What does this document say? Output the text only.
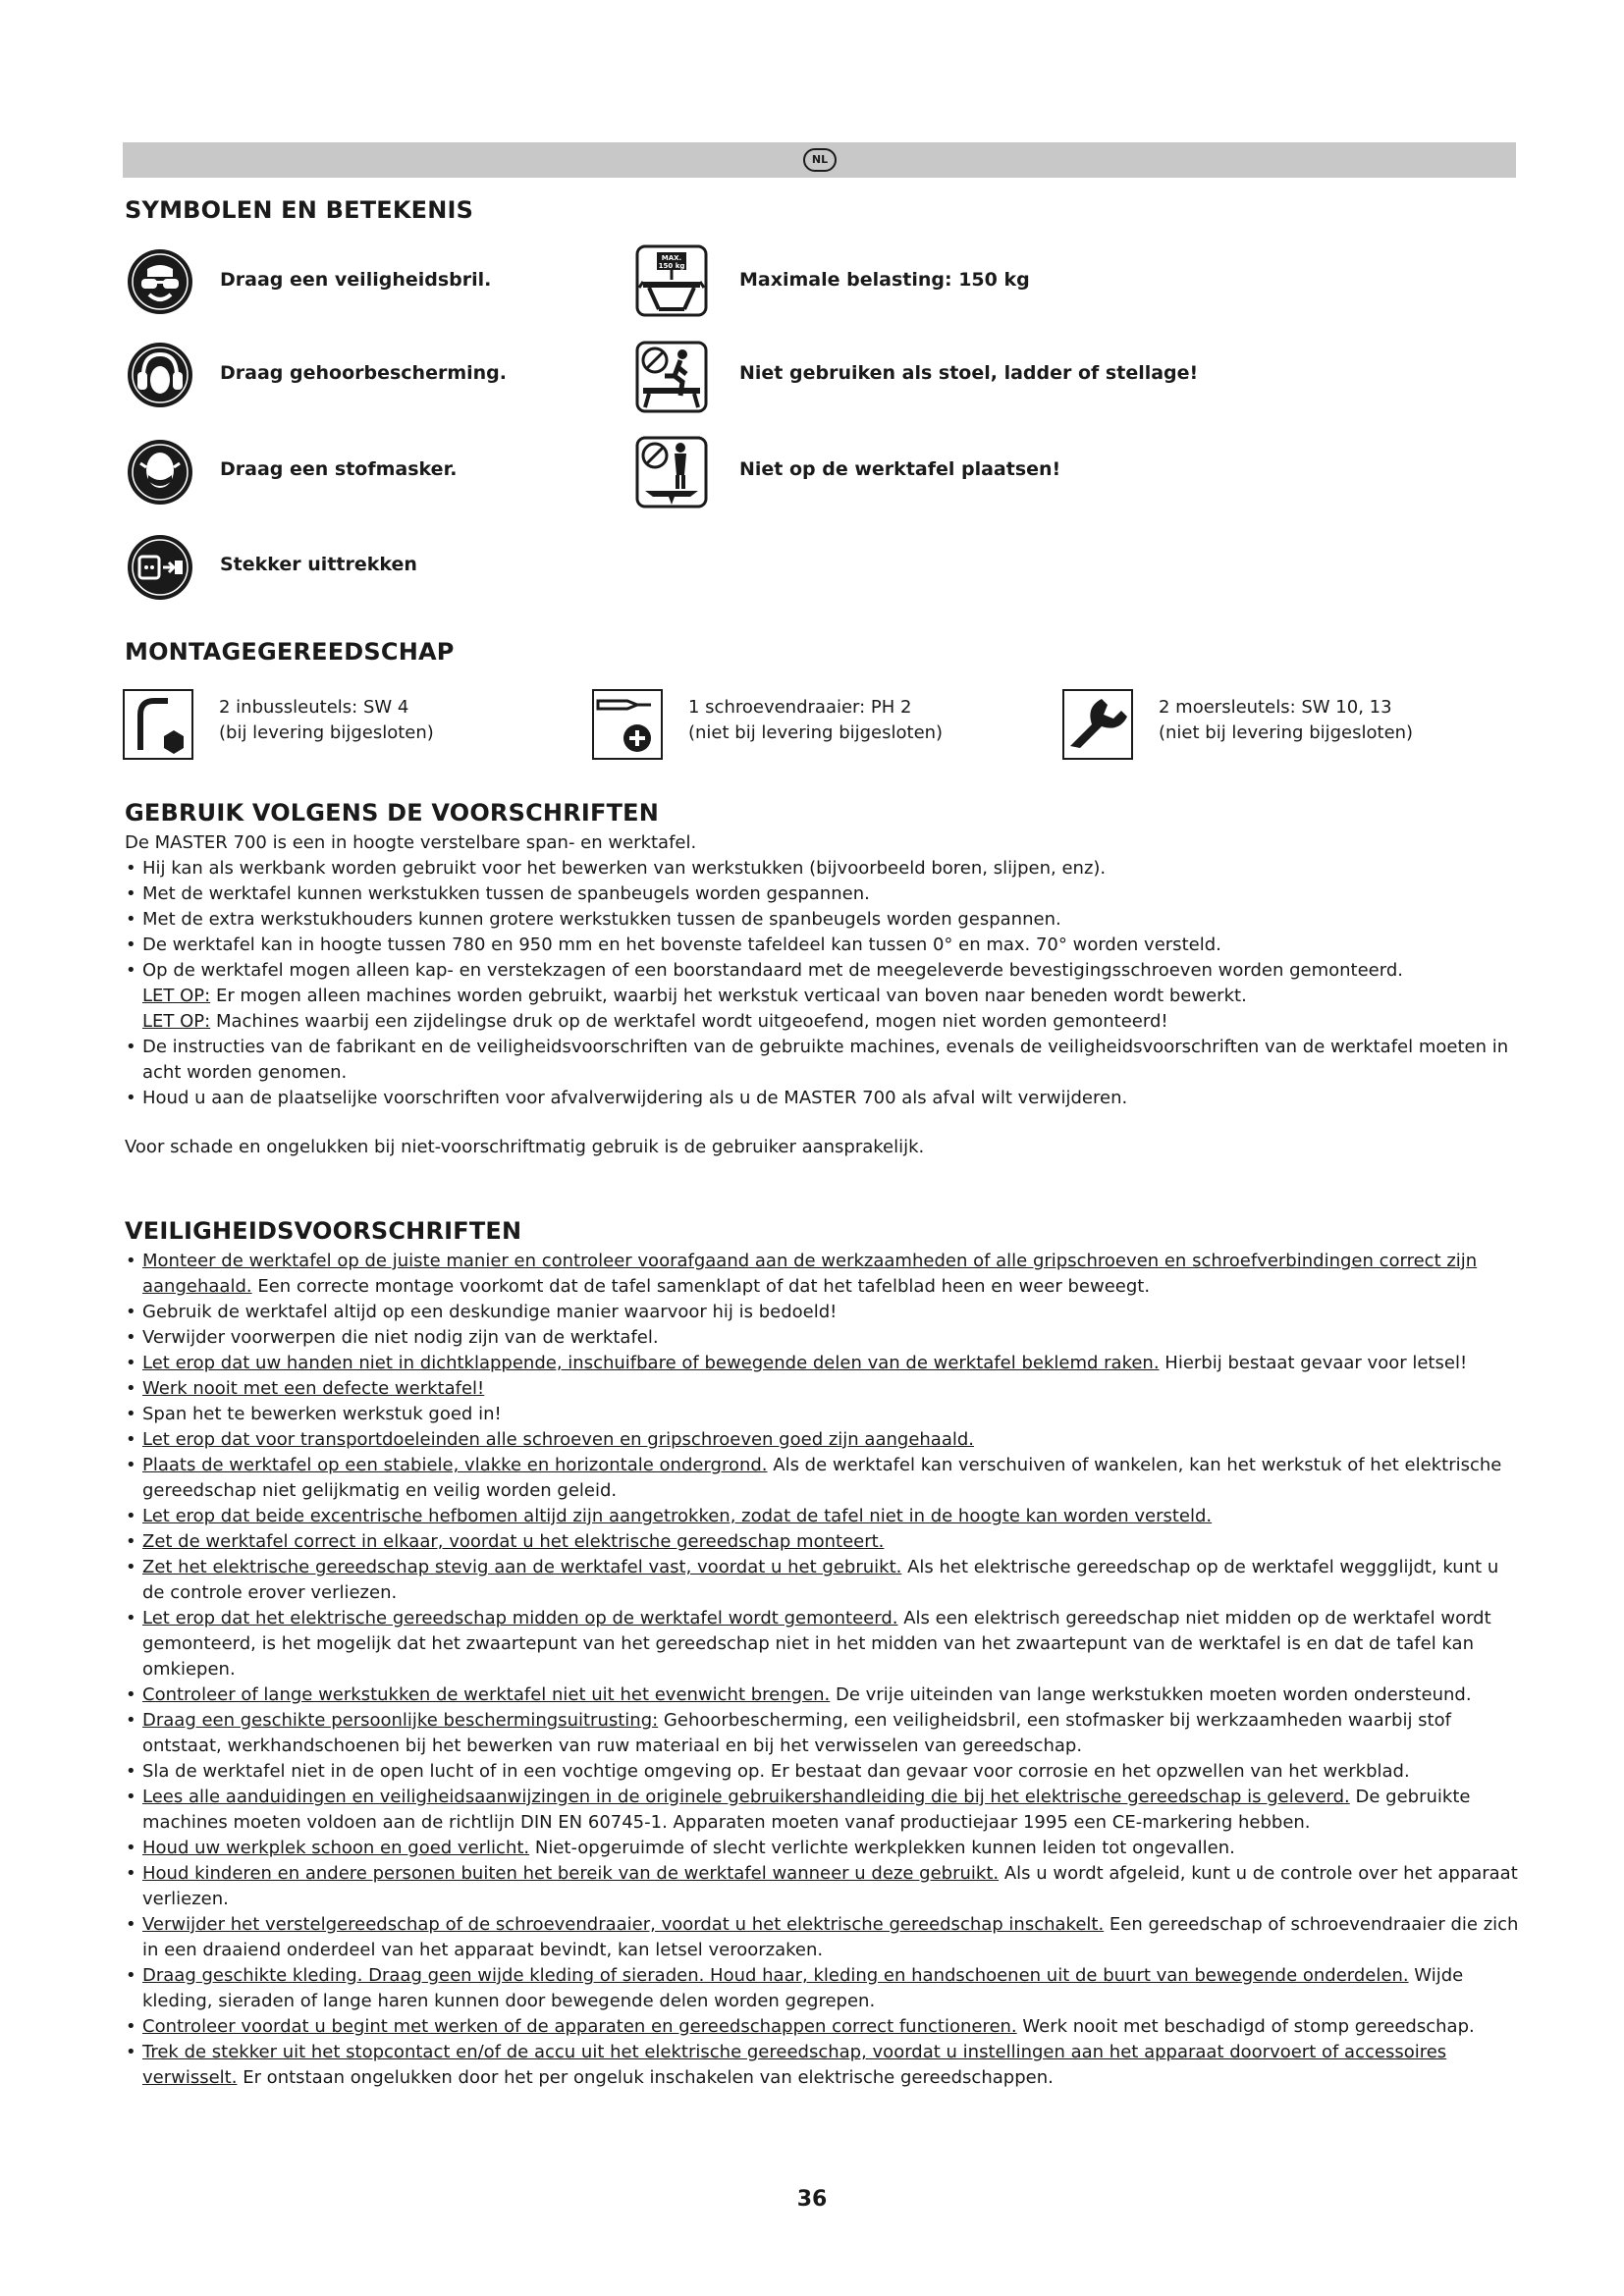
NL
SYMBOLEN EN BETEKENIS
Draag een veiligheidsbril.
Draag gehoorbescherming.
Draag een stofmasker.
Stekker uittrekken
MAX.
150 kg
Maximale belasting: 150 kg
Niet gebruiken als stoel, ladder of stellage!
Niet op de werktafel plaatsen!
MONTAGEGEREEDSCHAP
2 inbussleutels: SW 4
(bij levering bijgesloten)
1 schroevendraaier: PH 2
(niet bij levering bijgesloten)
2 moersleutels: SW 10, 13
(niet bij levering bijgesloten)
GEBRUIK VOLGENS DE VOORSCHRIFTEN

De MASTER 700 is een in hoogte verstelbare span- en werktafel.

• Hij kan als werkbank worden gebruikt voor het bewerken van werkstukken (bijvoorbeeld boren, slijpen, enz).
• Met de werktafel kunnen werkstukken tussen de spanbeugels worden gespannen.
• Met de extra werkstukhouders kunnen grotere werkstukken tussen de spanbeugels worden gespannen.
• De werktafel kan in hoogte tussen 780 en 950 mm en het bovenste tafeldeel kan tussen 0° en max. 70° worden versteld.
• Op de werktafel mogen alleen kap- en verstekzagen of een boorstandaard met de meegeleverde bevestigingsschroeven worden gemonteerd.
LET OP: Er mogen alleen machines worden gebruikt, waarbij het werkstuk verticaal van boven naar beneden wordt bewerkt.
LET OP: Machines waarbij een zijdelingse druk op de werktafel wordt uitgeoefend, mogen niet worden gemonteerd!
• De instructies van de fabrikant en de veiligheidsvoorschriften van de gebruikte machines, evenals de veiligheidsvoorschriften van de werktafel moeten in acht worden genomen.
• Houd u aan de plaatselijke voorschriften voor afvalverwijdering als u de MASTER 700 als afval wilt verwijderen.

Voor schade en ongelukken bij niet-voorschriftmatig gebruik is de gebruiker aansprakelijk.

VEILIGHEIDSVOORSCHRIFTEN
• Monteer de werktafel op de juiste manier en controleer voorafgaand aan de werkzaamheden of alle gripschroeven en schroefverbindingen correct zijn aangehaald. Een correcte montage voorkomt dat de tafel samenklapt of dat het tafelblad heen en weer beweegt.
• Gebruik de werktafel altijd op een deskundige manier waarvoor hij is bedoeld!
• Verwijder voorwerpen die niet nodig zijn van de werktafel.
• Let erop dat uw handen niet in dichtklappende, inschuifbare of bewegende delen van de werktafel beklemd raken. Hierbij bestaat gevaar voor letsel!
• Werk nooit met een defecte werktafel!
• Span het te bewerken werkstuk goed in!
• Let erop dat voor transportdoeleinden alle schroeven en gripschroeven goed zijn aangehaald.
• Plaats de werktafel op een stabiele, vlakke en horizontale ondergrond. Als de werktafel kan verschuiven of wankelen, kan het werkstuk of het elektrische gereedschap niet gelijkmatig en veilig worden geleid.
• Let erop dat beide excentrische hefbomen altijd zijn aangetrokken, zodat de tafel niet in de hoogte kan worden versteld.
• Zet de werktafel correct in elkaar, voordat u het elektrische gereedschap monteert.
• Zet het elektrische gereedschap stevig aan de werktafel vast, voordat u het gebruikt. Als het elektrische gereedschap op de werktafel weggglijdt, kunt u de controle erover verliezen.
• Let erop dat het elektrische gereedschap midden op de werktafel wordt gemonteerd. Als een elektrisch gereedschap niet midden op de werktafel wordt gemonteerd, is het mogelijk dat het zwaartepunt van het gereedschap niet in het midden van het zwaartepunt van de werktafel is en dat de tafel kan omkiepen.
• Controleer of lange werkstukken de werktafel niet uit het evenwicht brengen. De vrije uiteinden van lange werkstukken moeten worden ondersteund.
• Draag een geschikte persoonlijke beschermingsuitrusting: Gehoorbescherming, een veiligheidsbril, een stofmasker bij werkzaamheden waarbij stof ontstaat, werkhandschoenen bij het bewerken van ruw materiaal en bij het verwisselen van gereedschap.
• Sla de werktafel niet in de open lucht of in een vochtige omgeving op. Er bestaat dan gevaar voor corrosie en het opzwellen van het werkblad.
• Lees alle aanduidingen en veiligheidsaanwijzingen in de originele gebruikershandleiding die bij het elektrische gereedschap is geleverd. De gebruikte machines moeten voldoen aan de richtlijn DIN EN 60745-1. Apparaten moeten vanaf productiejaar 1995 een CE-markering hebben.
• Houd uw werkplek schoon en goed verlicht. Niet-opgeruimde of slecht verlichte werkplekken kunnen leiden tot ongevallen.
• Houd kinderen en andere personen buiten het bereik van de werktafel wanneer u deze gebruikt. Als u wordt afgeleid, kunt u de controle over het apparaat verliezen.
• Verwijder het verstelgereedschap of de schroevendraaier, voordat u het elektrische gereedschap inschakelt. Een gereedschap of schroevendraaier die zich in een draaiend onderdeel van het apparaat bevindt, kan letsel veroorzaken.
• Draag geschikte kleding. Draag geen wijde kleding of sieraden. Houd haar, kleding en handschoenen uit de buurt van bewegende onderdelen. Wijde kleding, sieraden of lange haren kunnen door bewegende delen worden gegrepen.
• Controleer voordat u begint met werken of de apparaten en gereedschappen correct functioneren. Werk nooit met beschadigd of stomp gereedschap.
• Trek de stekker uit het stopcontact en/of de accu uit het elektrische gereedschap, voordat u instellingen aan het apparaat doorvoert of accessoires verwisselt. Er ontstaan ongelukken door het per ongeluk inschakelen van elektrische gereedschappen.
36
